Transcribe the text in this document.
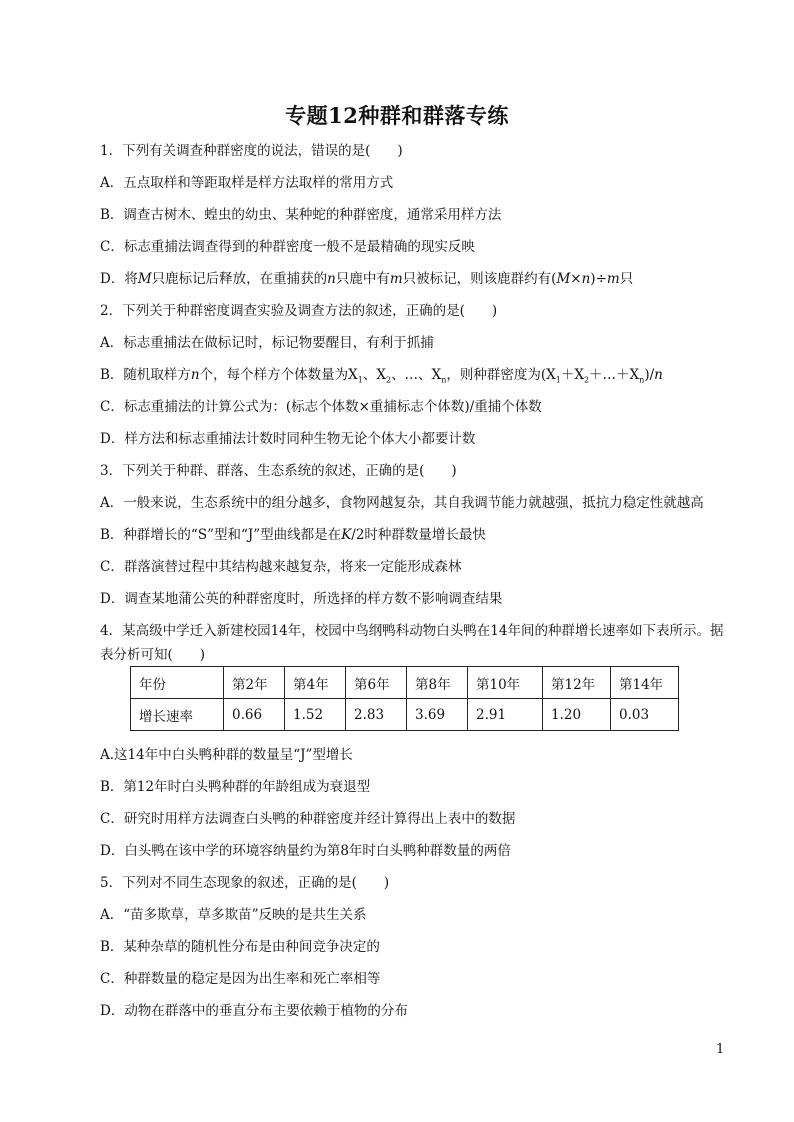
专题12种群和群落专练
1．下列有关调查种群密度的说法，错误的是(　　)
A．五点取样和等距取样是样方法取样的常用方式
B．调查古树木、蝗虫的幼虫、某种蛇的种群密度，通常采用样方法
C．标志重捕法调查得到的种群密度一般不是最精确的现实反映
D．将M只鹿标记后释放，在重捕获的n只鹿中有m只被标记，则该鹿群约有(M×n)÷m只
2．下列关于种群密度调查实验及调查方法的叙述，正确的是(　　)
A．标志重捕法在做标记时，标记物要醒目，有利于抓捕
B．随机取样方n个，每个样方个体数量为$X_1$、$X_2$、…、$X_n$，则种群密度为$(X_1+X_2+\dots+X_n)/n$
C．标志重捕法的计算公式为：(标志个体数×重捕标志个体数)/重捕个体数
D．样方法和标志重捕法计数时同种生物无论个体大小都要计数
3．下列关于种群、群落、生态系统的叙述，正确的是(　　)
A．一般来说，生态系统中的组分越多，食物网越复杂，其自我调节能力就越强，抵抗力稳定性就越高
B．种群增长的“S”型和“J”型曲线都是在K/2时种群数量增长最快
C．群落演替过程中其结构越来越复杂，将来一定能形成森林
D．调查某地蒲公英的种群密度时，所选择的样方数不影响调查结果
4．某高级中学迁入新建校园14年，校园中鸟纲鸭科动物白头鸭在14年间的种群增长速率如下表所示。据
表分析可知(　　)
年份	第2年	第4年	第6年	第8年	第10年	第12年	第14年
增长速率	0.66	1.52	2.83	3.69	2.91	1.20	0.03
A.这14年中白头鸭种群的数量呈“J”型增长
B．第12年时白头鸭种群的年龄组成为衰退型
C．研究时用样方法调查白头鸭的种群密度并经计算得出上表中的数据
D．白头鸭在该中学的环境容纳量约为第8年时白头鸭种群数量的两倍
5．下列对不同生态现象的叙述，正确的是(　　)
A．“苗多欺草，草多欺苗”反映的是共生关系
B．某种杂草的随机性分布是由种间竞争决定的
C．种群数量的稳定是因为出生率和死亡率相等
D．动物在群落中的垂直分布主要依赖于植物的分布
1
